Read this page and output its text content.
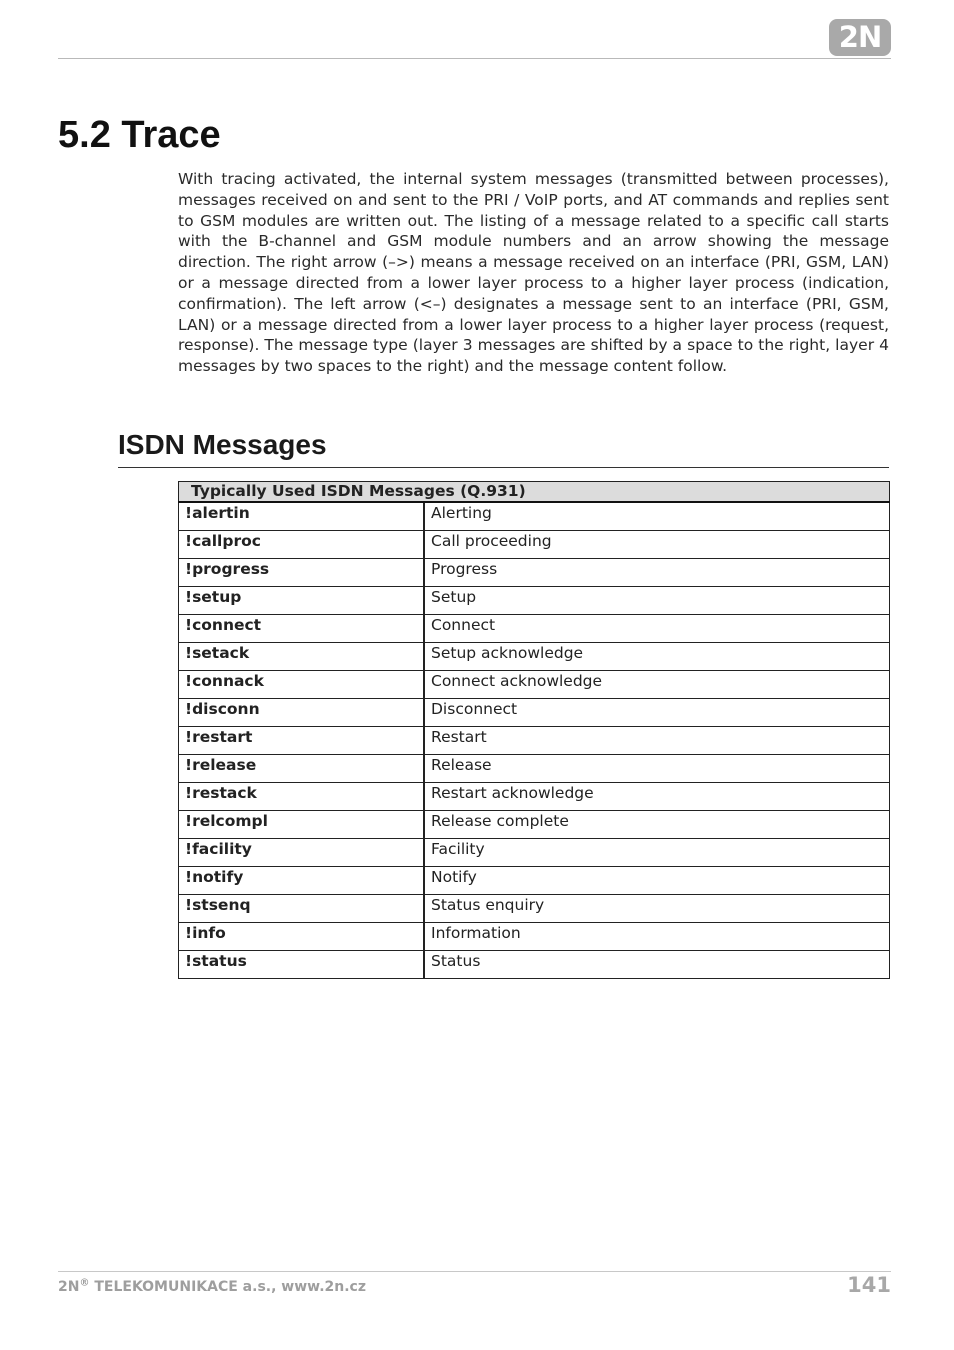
2N
5.2 Trace

With tracing activated, the internal system messages (transmitted between processes), messages received on and sent to the PRI / VoIP ports, and AT commands and replies sent to GSM modules are written out. The listing of a message related to a specific call starts with the B-channel and GSM module numbers and an arrow showing the message direction. The right arrow (–>) means a message received on an interface (PRI, GSM, LAN) or a message directed from a lower layer process to a higher layer process (indication, confirmation). The left arrow (<–) designates a message sent to an interface (PRI, GSM, LAN) or a message directed from a lower layer process to a higher layer process (request, response). The message type (layer 3 messages are shifted by a space to the right, layer 4 messages by two spaces to the right) and the message content follow.

ISDN Messages
Typically Used ISDN Messages (Q.931)	
!alertin	Alerting
!callproc	Call proceeding
!progress	Progress
!setup	Setup
!connect	Connect
!setack	Setup acknowledge
!connack	Connect acknowledge
!disconn	Disconnect
!restart	Restart
!release	Release
!restack	Restart acknowledge
!relcompl	Release complete
!facility	Facility
!notify	Notify
!stsenq	Status enquiry
!info	Information
!status	Status
2N® TELEKOMUNIKACE a.s., www.2n.cz	141
